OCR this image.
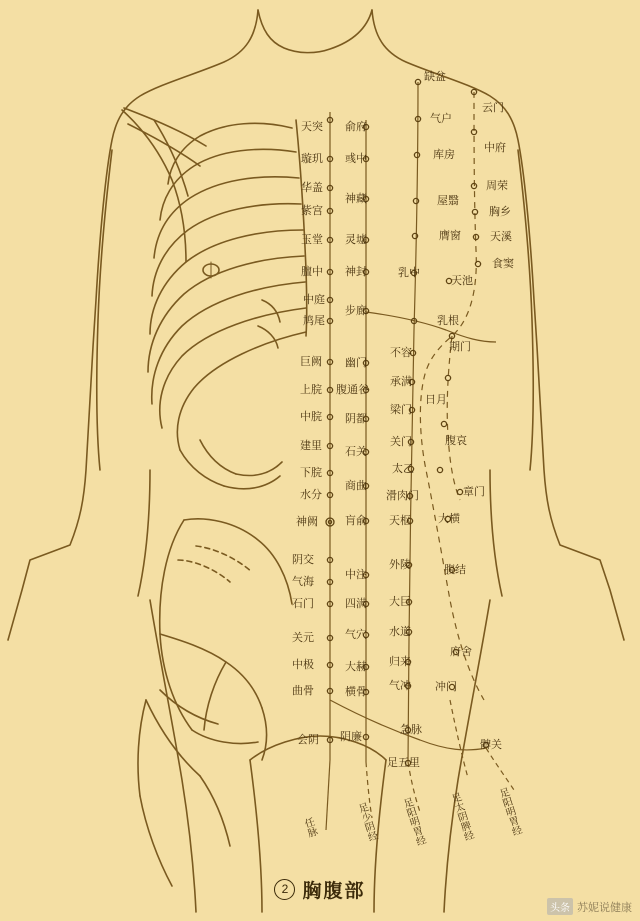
缺盆
云门
气户
天突 俞府
中府
璇玑 彧中	库房
周荣
华盖
神藏	屋翳
紫宫	胸乡
玉堂 灵墟	膺窗	天溪
膻中 神封	乳中
天池
食窦
中庭
鸠尾
步廊
乳根
巨阙 幽门
不容	期门
上脘 腹通谷
承满
日月
中脘 阴都
梁门
建里	关门	腹哀
石关
下脘	太乙
商曲
水分	滑肉门	章门
神阙 肓俞 天枢 大横
阴交
中注
外陵	腹结
气海
石门	四满 大巨
关元	气穴 水道
中极	大赫 归来
府舍
曲骨	横骨 气冲 冲门
会阴 阴廉
急脉
髀关
足五里
任脉	足少阴经 足阳明胃经 足太阴脾经 足阳明胃经
2 胸腹部
头条 苏妮说健康
